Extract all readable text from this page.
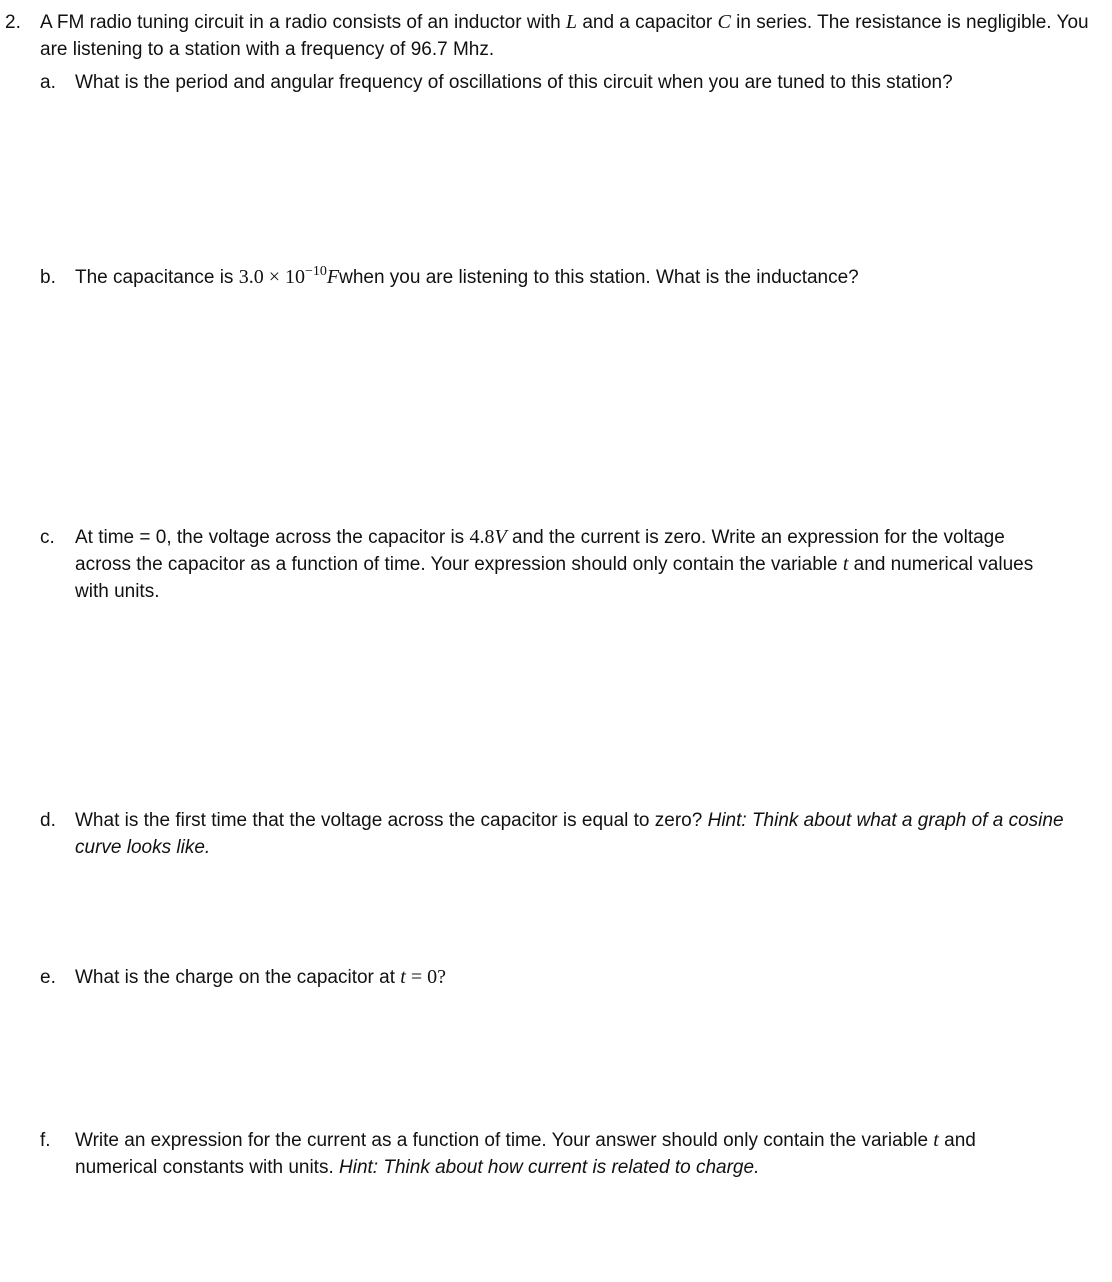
2. A FM radio tuning circuit in a radio consists of an inductor with L and a capacitor C in series. The resistance is negligible. You are listening to a station with a frequency of 96.7 Mhz.
a. What is the period and angular frequency of oscillations of this circuit when you are tuned to this station?
b. The capacitance is $3.0 \times 10^{-10}Fwhen$ you are listening to this station. What is the inductance?
c. At time = 0, the voltage across the capacitor is 4.8V and the current is zero. Write an expression for the voltage across the capacitor as a function of time. Your expression should only contain the variable t and numerical values with units.
d. What is the first time that the voltage across the capacitor is equal to zero? Hint: Think about what a graph of a cosine curve looks like.
e. What is the charge on the capacitor at t = 0?
f. Write an expression for the current as a function of time. Your answer should only contain the variable t and numerical constants with units. Hint: Think about how current is related to charge.
